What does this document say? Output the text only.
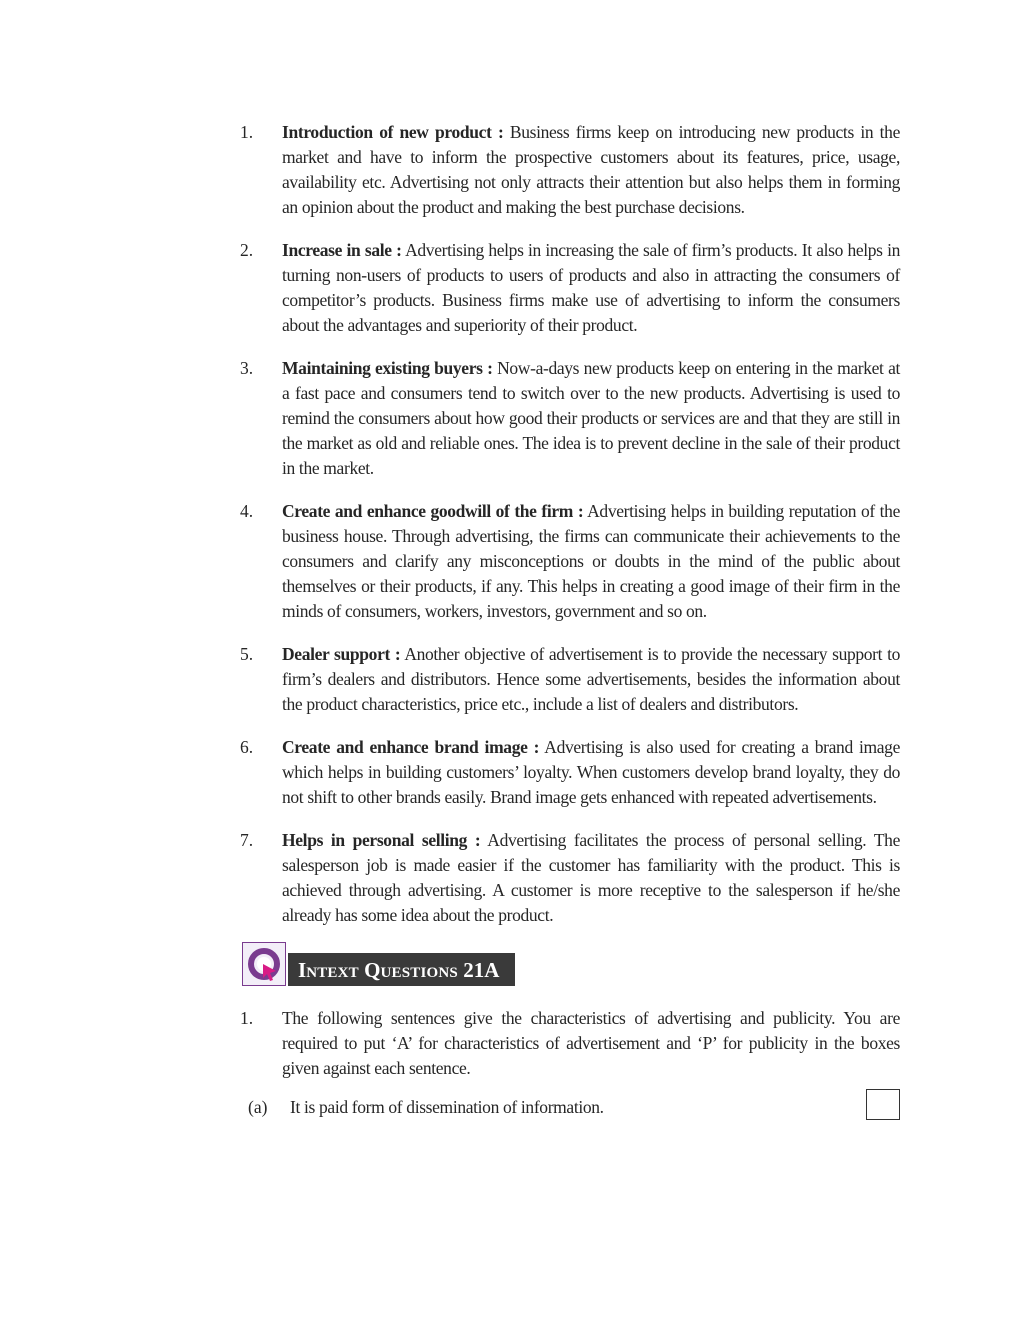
1. Introduction of new product : Business firms keep on introducing new products in the market and have to inform the prospective customers about its features, price, usage, availability etc. Advertising not only attracts their attention but also helps them in forming an opinion about the product and making the best purchase decisions.
2. Increase in sale : Advertising helps in increasing the sale of firm’s products. It also helps in turning non-users of products to users of products and also in attracting the consumers of competitor’s products. Business firms make use of advertising to inform the consumers about the advantages and superiority of their product.
3. Maintaining existing buyers : Now-a-days new products keep on entering in the market at a fast pace and consumers tend to switch over to the new products. Advertising is used to remind the consumers about how good their products or services are and that they are still in the market as old and reliable ones. The idea is to prevent decline in the sale of their product in the market.
4. Create and enhance goodwill of the firm : Advertising helps in building reputation of the business house. Through advertising, the firms can communicate their achievements to the consumers and clarify any misconceptions or doubts in the mind of the public about themselves or their products, if any. This helps in creating a good image of their firm in the minds of consumers, workers, investors, government and so on.
5. Dealer support : Another objective of advertisement is to provide the necessary support to firm’s dealers and distributors. Hence some advertisements, besides the information about the product characteristics, price etc., include a list of dealers and distributors.
6. Create and enhance brand image : Advertising is also used for creating a brand image which helps in building customers’ loyalty. When customers develop brand loyalty, they do not shift to other brands easily. Brand image gets enhanced with repeated advertisements.
7. Helps in personal selling : Advertising facilitates the process of personal selling. The salesperson job is made easier if the customer has familiarity with the product. This is achieved through advertising. A customer is more receptive to the salesperson if he/she already has some idea about the product.
INTEXT QUESTIONS 21A
1. The following sentences give the characteristics of advertising and publicity. You are required to put ‘A’ for characteristics of advertisement and ‘P’ for publicity in the boxes given against each sentence.
(a) It is paid form of dissemination of information.
